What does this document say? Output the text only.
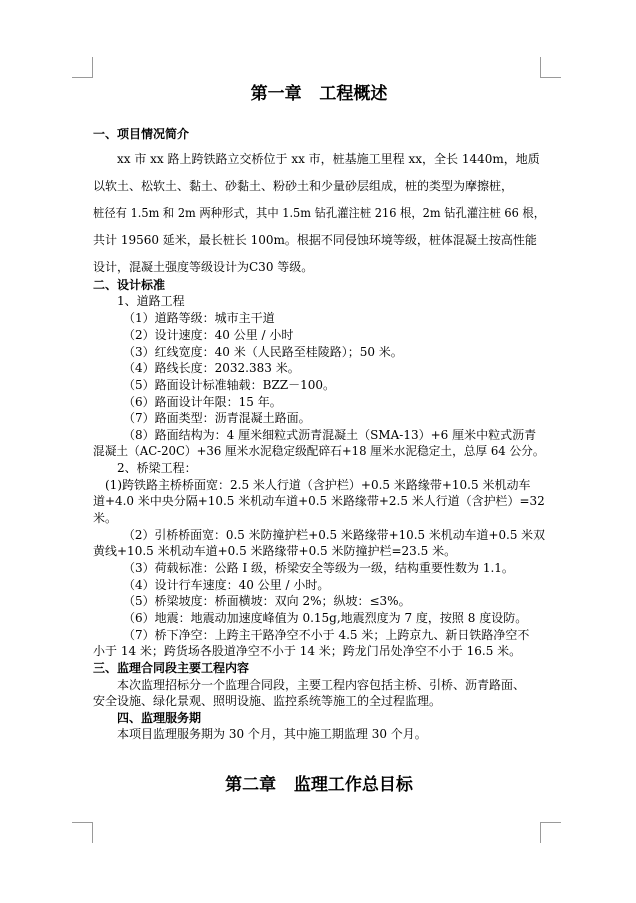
第一章   工程概述
一、项目情况简介
xx 市 xx 路上跨铁路立交桥位于 xx 市，桩基施工里程 xx，全长 1440m，地质
以软土、松软土、黏土、砂黏土、粉砂土和少量砂层组成，桩的类型为摩擦桩，
桩径有 1.5m 和 2m 两种形式，其中 1.5m 钻孔灌注桩 216 根，2m 钻孔灌注桩 66 根，
共计 19560 延米，最长桩长 100m。根据不同侵蚀环境等级，桩体混凝土按高性能
设计，混凝土强度等级设计为C30 等级。
二、设计标准
1、道路工程
（1）道路等级：城市主干道
（2）设计速度：40 公里 / 小时
（3）红线宽度：40 米（人民路至桂陵路）；50 米。
（4）路线长度：2032.383 米。
（5）路面设计标准轴载：BZZ－100。
（6）路面设计年限：15 年。
（7）路面类型：沥青混凝土路面。
（8）路面结构为：4 厘米细粒式沥青混凝土（SMA-13）+6 厘米中粒式沥青
混凝土（AC-20C）+36 厘米水泥稳定级配碎石+18 厘米水泥稳定土，总厚 64 公分。
2、桥梁工程：
(1)跨铁路主桥桥面宽：2.5 米人行道（含护栏）+0.5 米路缘带+10.5 米机动车
道+4.0 米中央分隔+10.5 米机动车道+0.5 米路缘带+2.5 米人行道（含护栏）=32
米。
（2）引桥桥面宽：0.5 米防撞护栏+0.5 米路缘带+10.5 米机动车道+0.5 米双
黄线+10.5 米机动车道+0.5 米路缘带+0.5 米防撞护栏=23.5 米。
（3）荷载标准：公路 I 级，桥梁安全等级为一级，结构重要性数为 1.1。
（4）设计行车速度：40 公里 / 小时。
（5）桥梁坡度：桥面横坡：双向 2%；纵坡：≤3%。
（6）地震：地震动加速度峰值为 0.15g,地震烈度为 7 度，按照 8 度设防。
（7）桥下净空：上跨主干路净空不小于 4.5 米；上跨京九、新日铁路净空不
小于 14 米；跨货场各股道净空不小于 14 米；跨龙门吊处净空不小于 16.5 米。
三、监理合同段主要工程内容
本次监理招标分一个监理合同段，主要工程内容包括主桥、引桥、沥青路面、
安全设施、绿化景观、照明设施、监控系统等施工的全过程监理。
四、监理服务期
本项目监理服务期为 30 个月，其中施工期监理 30 个月。
第二章   监理工作总目标
